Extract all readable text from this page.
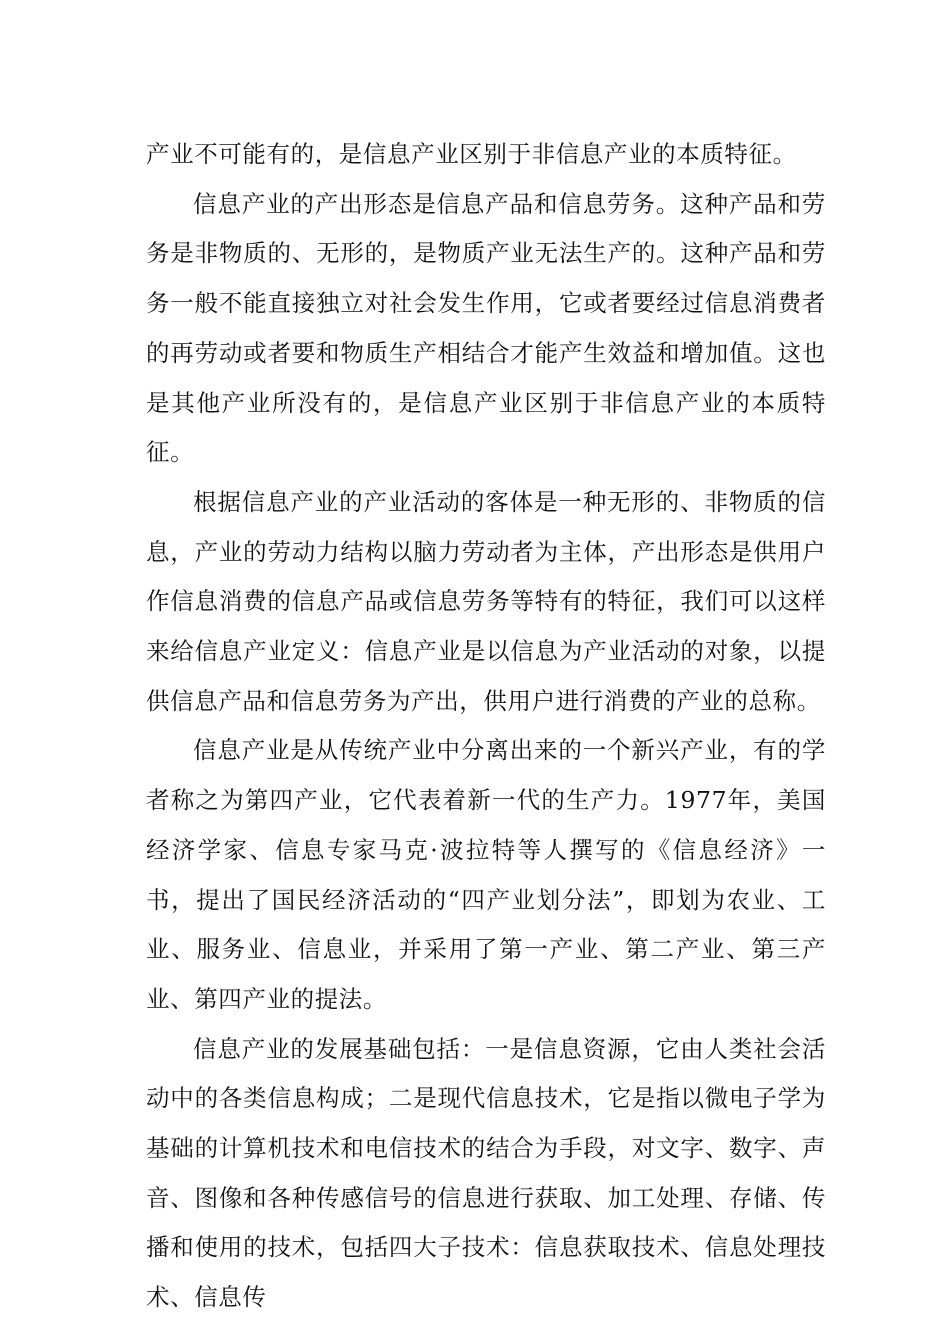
产业不可能有的，是信息产业区别于非信息产业的本质特征。

信息产业的产出形态是信息产品和信息劳务。这种产品和劳务是非物质的、无形的，是物质产业无法生产的。这种产品和劳务一般不能直接独立对社会发生作用，它或者要经过信息消费者的再劳动或者要和物质生产相结合才能产生效益和增加值。这也是其他产业所没有的，是信息产业区别于非信息产业的本质特征。

根据信息产业的产业活动的客体是一种无形的、非物质的信息，产业的劳动力结构以脑力劳动者为主体，产出形态是供用户作信息消费的信息产品或信息劳务等特有的特征，我们可以这样来给信息产业定义：信息产业是以信息为产业活动的对象，以提供信息产品和信息劳务为产出，供用户进行消费的产业的总称。

信息产业是从传统产业中分离出来的一个新兴产业，有的学者称之为第四产业，它代表着新一代的生产力。1977年，美国经济学家、信息专家马克·波拉特等人撰写的《信息经济》一书，提出了国民经济活动的“四产业划分法”，即划为农业、工业、服务业、信息业，并采用了第一产业、第二产业、第三产业、第四产业的提法。

信息产业的发展基础包括：一是信息资源，它由人类社会活动中的各类信息构成；二是现代信息技术，它是指以微电子学为基础的计算机技术和电信技术的结合为手段，对文字、数字、声音、图像和各种传感信号的信息进行获取、加工处理、存储、传播和使用的技术，包括四大子技术：信息获取技术、信息处理技术、信息传
